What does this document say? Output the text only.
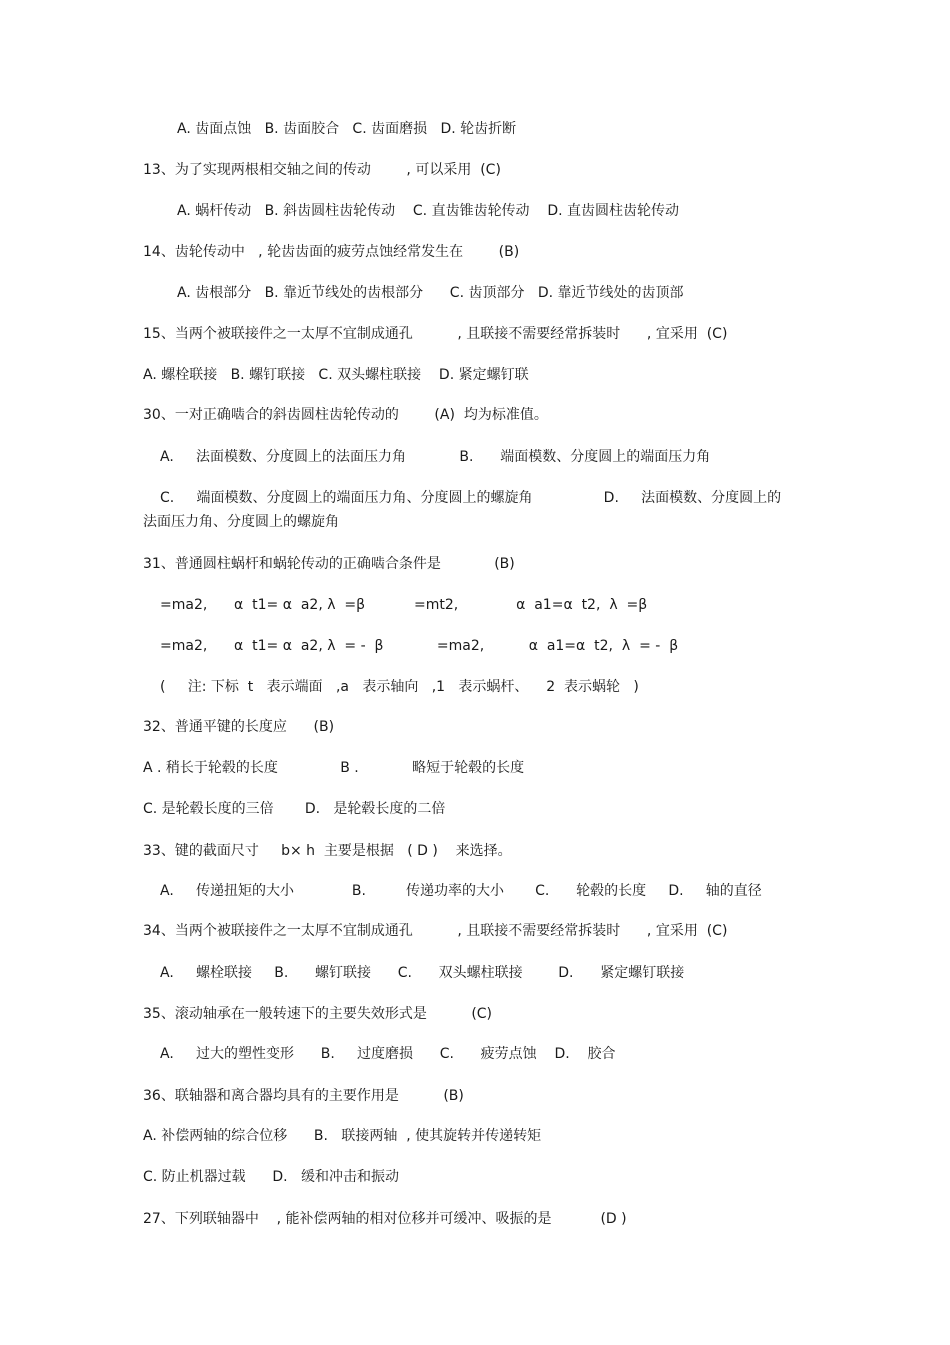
A. 齿面点蚀   B. 齿面胶合   C. 齿面磨损   D. 轮齿折断
13、为了实现两根相交轴之间的传动        , 可以采用  (C)
A. 蜗杆传动   B. 斜齿圆柱齿轮传动    C. 直齿锥齿轮传动    D. 直齿圆柱齿轮传动
14、齿轮传动中   , 轮齿齿面的疲劳点蚀经常发生在        (B)
A. 齿根部分   B. 靠近节线处的齿根部分      C. 齿顶部分   D. 靠近节线处的齿顶部
15、当两个被联接件之一太厚不宜制成通孔          , 且联接不需要经常拆装时      , 宜采用  (C)
A. 螺栓联接   B. 螺钉联接   C. 双头螺柱联接    D. 紧定螺钉联
30、一对正确啮合的斜齿圆柱齿轮传动的        (A)  均为标准值。
A.     法面模数、分度圆上的法面压力角            B.      端面模数、分度圆上的端面压力角
C.     端面模数、分度圆上的端面压力角、分度圆上的螺旋角                D.     法面模数、分度圆上的
法面压力角、分度圆上的螺旋角
31、普通圆柱蜗杆和蜗轮传动的正确啮合条件是            (B)
=ma2,      α  t1= α  a2, λ  =β           =mt2,             α  a1=α  t2,  λ  =β
=ma2,      α  t1= α  a2, λ  = -  β            =ma2,          α  a1=α  t2,  λ  = -  β
(     注: 下标  t   表示端面   ,a   表示轴向   ,1   表示蜗杆、    2  表示蜗轮   )
32、普通平键的长度应      (B)
A . 稍长于轮毂的长度              B .            略短于轮毂的长度
C. 是轮毂长度的三倍       D.   是轮毂长度的二倍
33、键的截面尺寸     b× h  主要是根据   ( D )    来选择。
A.     传递扭矩的大小             B.         传递功率的大小       C.      轮毂的长度     D.     轴的直径
34、当两个被联接件之一太厚不宜制成通孔          , 且联接不需要经常拆装时      , 宜采用  (C)
A.     螺栓联接     B.      螺钉联接      C.      双头螺柱联接        D.      紧定螺钉联接
35、滚动轴承在一般转速下的主要失效形式是          (C)
A.     过大的塑性变形      B.     过度磨损      C.      疲劳点蚀    D.    胶合
36、联轴器和离合器均具有的主要作用是          (B)
A. 补偿两轴的综合位移      B.   联接两轴  , 使其旋转并传递转矩
C. 防止机器过载      D.   缓和冲击和振动
27、下列联轴器中    , 能补偿两轴的相对位移并可缓冲、吸振的是           (D )
